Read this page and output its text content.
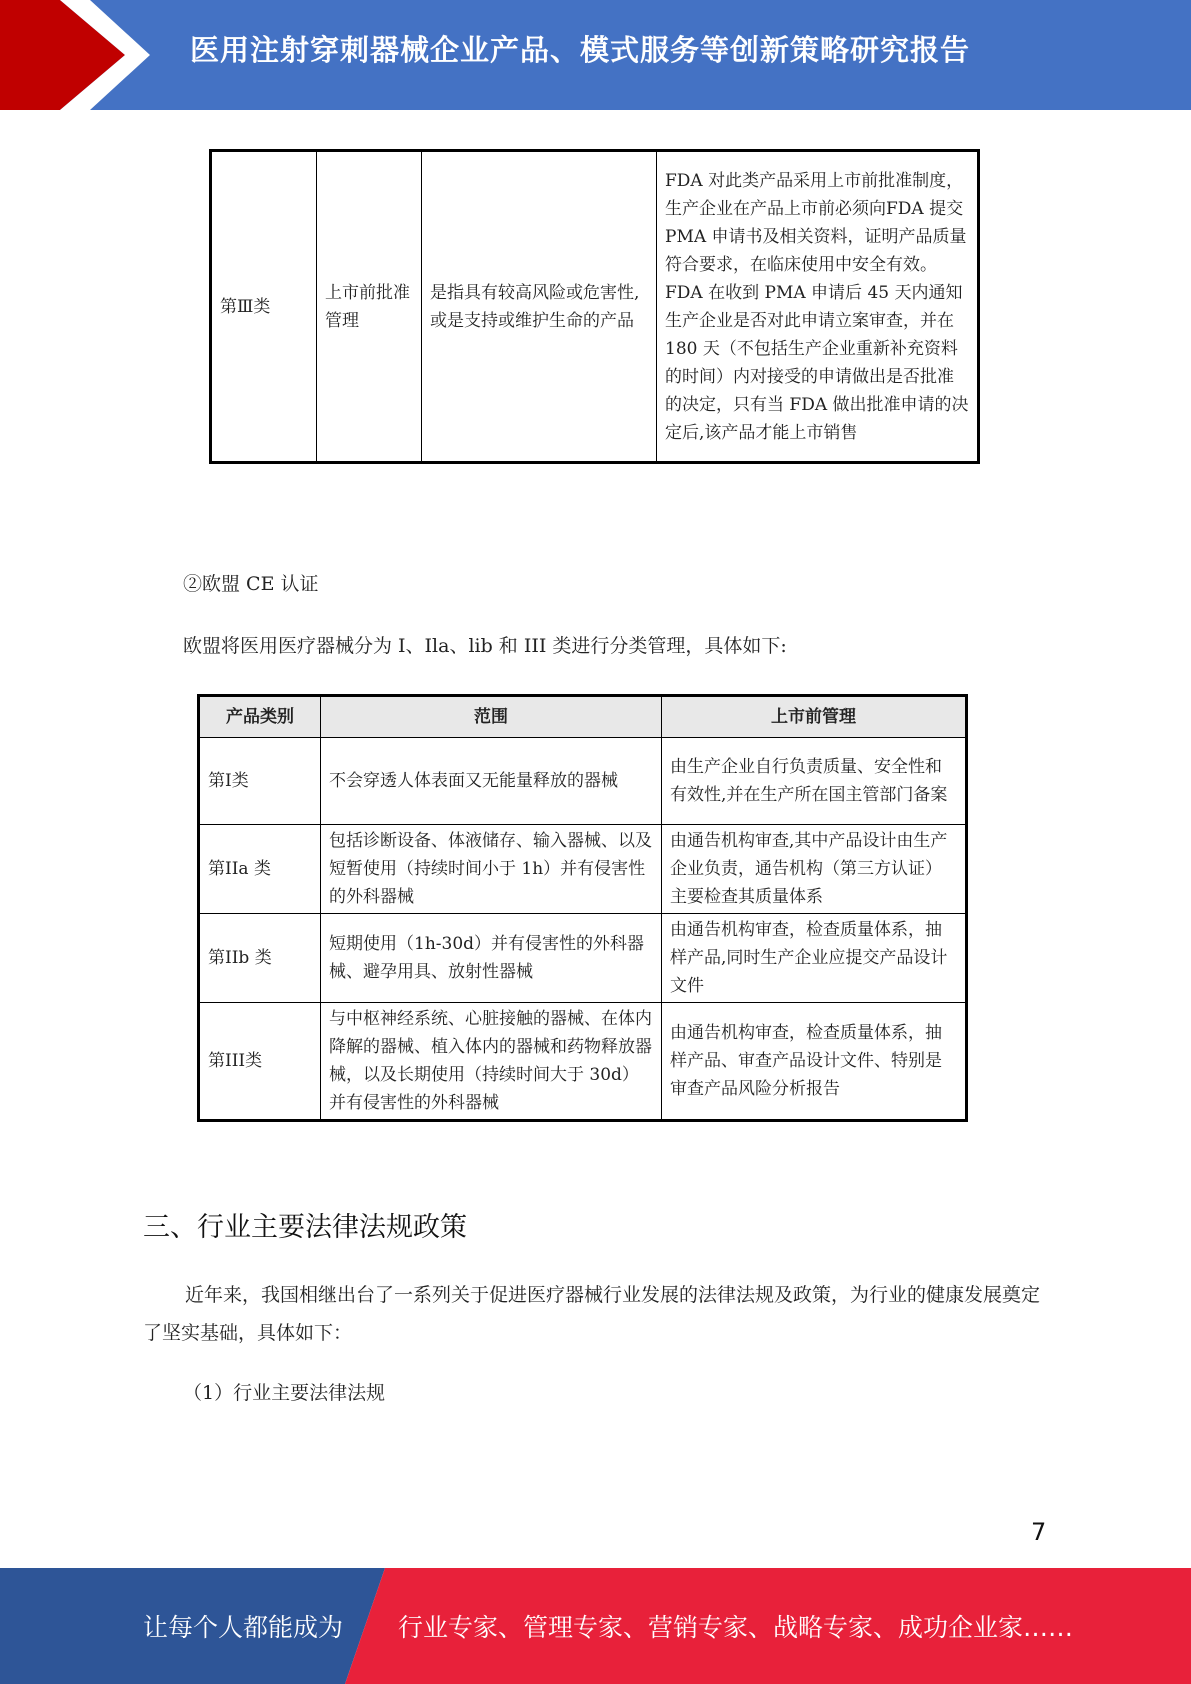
医用注射穿刺器械企业产品、模式服务等创新策略研究报告
第Ⅲ类	上市前批准管理	是指具有较高风险或危害性,或是支持或维护生命的产品	FDA 对此类产品采用上市前批准制度，生产企业在产品上市前必须向FDA 提交 PMA 申请书及相关资料，证明产品质量符合要求，在临床使用中安全有效。FDA 在收到 PMA 申请后 45 天内通知生产企业是否对此申请立案审查，并在 180 天（不包括生产企业重新补充资料的时间）内对接受的申请做出是否批准的决定，只有当 FDA 做出批准申请的决定后,该产品才能上市销售
②欧盟 CE 认证
欧盟将医用医疗器械分为 I、Ila、lib 和 III 类进行分类管理，具体如下:
产品类别	范围	上市前管理
第I类	不会穿透人体表面又无能量释放的器械	由生产企业自行负责质量、安全性和有效性,并在生产所在国主管部门备案
第IIa 类	包括诊断设备、体液储存、输入器械、以及短暂使用（持续时间小于 1h）并有侵害性的外科器械	由通告机构审查,其中产品设计由生产企业负责，通告机构（第三方认证）主要检查其质量体系
第IIb 类	短期使用（1h-30d）并有侵害性的外科器械、避孕用具、放射性器械	由通告机构审查，检查质量体系，抽样产品,同时生产企业应提交产品设计文件
第III类	与中枢神经系统、心脏接触的器械、在体内降解的器械、植入体内的器械和药物释放器械，以及长期使用（持续时间大于 30d）并有侵害性的外科器械	由通告机构审查，检查质量体系，抽样产品、审查产品设计文件、特别是审查产品风险分析报告
三、行业主要法律法规政策
近年来，我国相继出台了一系列关于促进医疗器械行业发展的法律法规及政策，为行业的健康发展奠定了坚实基础，具体如下：
（1）行业主要法律法规
7
让每个人都能成为 行业专家、管理专家、营销专家、战略专家、成功企业家……
